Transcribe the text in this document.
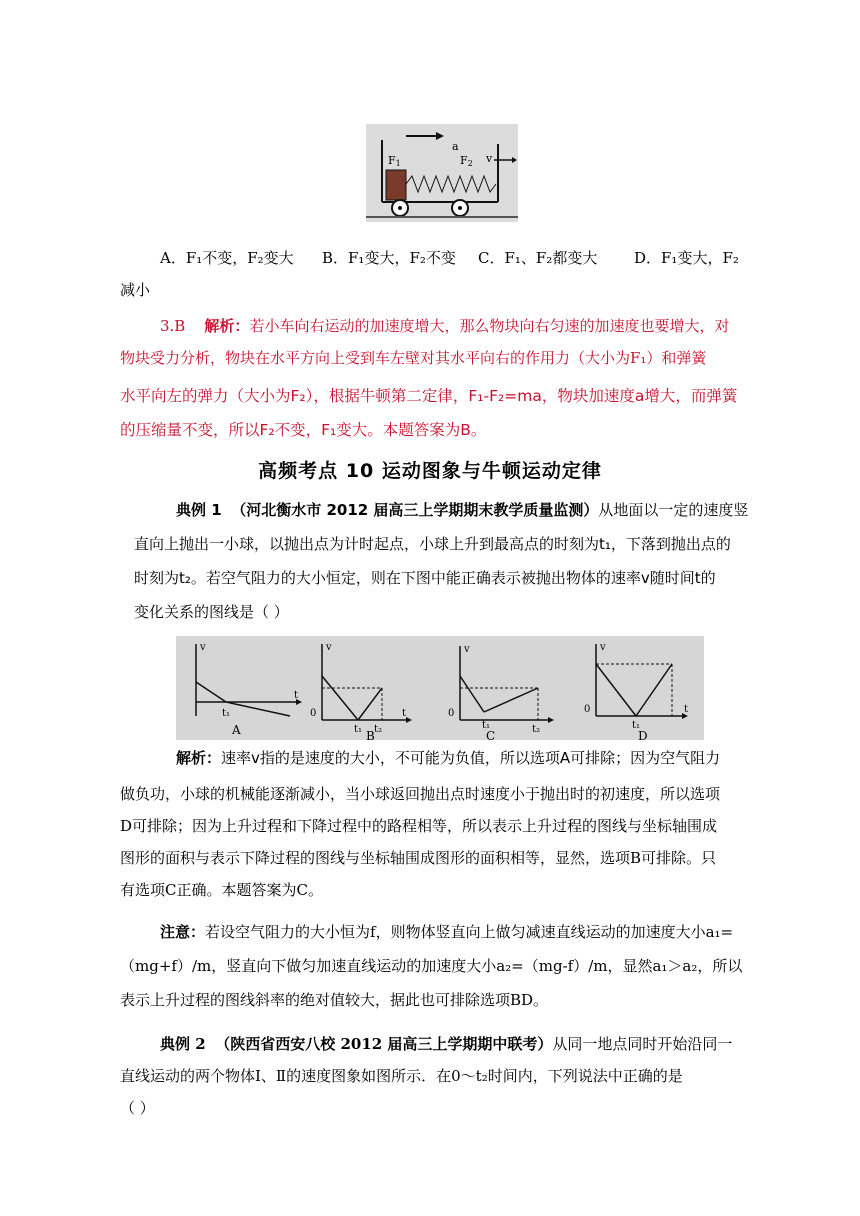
a
F1	F2 v
A．F₁不变，F₂变大 B．F₁变大，F₂不变 C．F₁、F₂都变大 D．F₁变大，F₂
减小
3.B 解析：若小车向右运动的加速度增大，那么物块向右匀速的加速度也要增大，对
物块受力分析，物块在水平方向上受到车左壁对其水平向右的作用力（大小为F₁）和弹簧
水平向左的弹力（大小为F₂），根据牛顿第二定律，F₁-F₂=ma，物块加速度a增大，而弹簧
的压缩量不变，所以F₂不变，F₁变大。本题答案为B。
高频考点 10 运动图象与牛顿运动定律
典例 1 （河北衡水市 2012 届高三上学期期末教学质量监测）从地面以一定的速度竖
直向上抛出一小球，以抛出点为计时起点，小球上升到最高点的时刻为t₁，下落到抛出点的
时刻为t₂。若空气阻力的大小恒定，则在下图中能正确表示被抛出物体的速率v随时间t的
变化关系的图线是（ ）
v
t
t₁
A
v
0
t₁ t₂
t
v
0
t₁	t₂
C
v
0
t₁
t
D
B
解析：速率v指的是速度的大小，不可能为负值，所以选项A可排除；因为空气阻力
做负功，小球的机械能逐渐减小，当小球返回抛出点时速度小于抛出时的初速度，所以选项
D可排除；因为上升过程和下降过程中的路程相等，所以表示上升过程的图线与坐标轴围成
图形的面积与表示下降过程的图线与坐标轴围成图形的面积相等，显然，选项B可排除。只
有选项C正确。本题答案为C。
注意：若设空气阻力的大小恒为f，则物体竖直向上做匀减速直线运动的加速度大小a₁=
（mg+f）/m，竖直向下做匀加速直线运动的加速度大小a₂=（mg-f）/m，显然a₁＞a₂，所以
表示上升过程的图线斜率的绝对值较大，据此也可排除选项BD。
典例 2 （陕西省西安八校 2012 届高三上学期期中联考）从同一地点同时开始沿同一
直线运动的两个物体Ⅰ、Ⅱ的速度图象如图所示．在0～t₂时间内，下列说法中正确的是
（ ）
